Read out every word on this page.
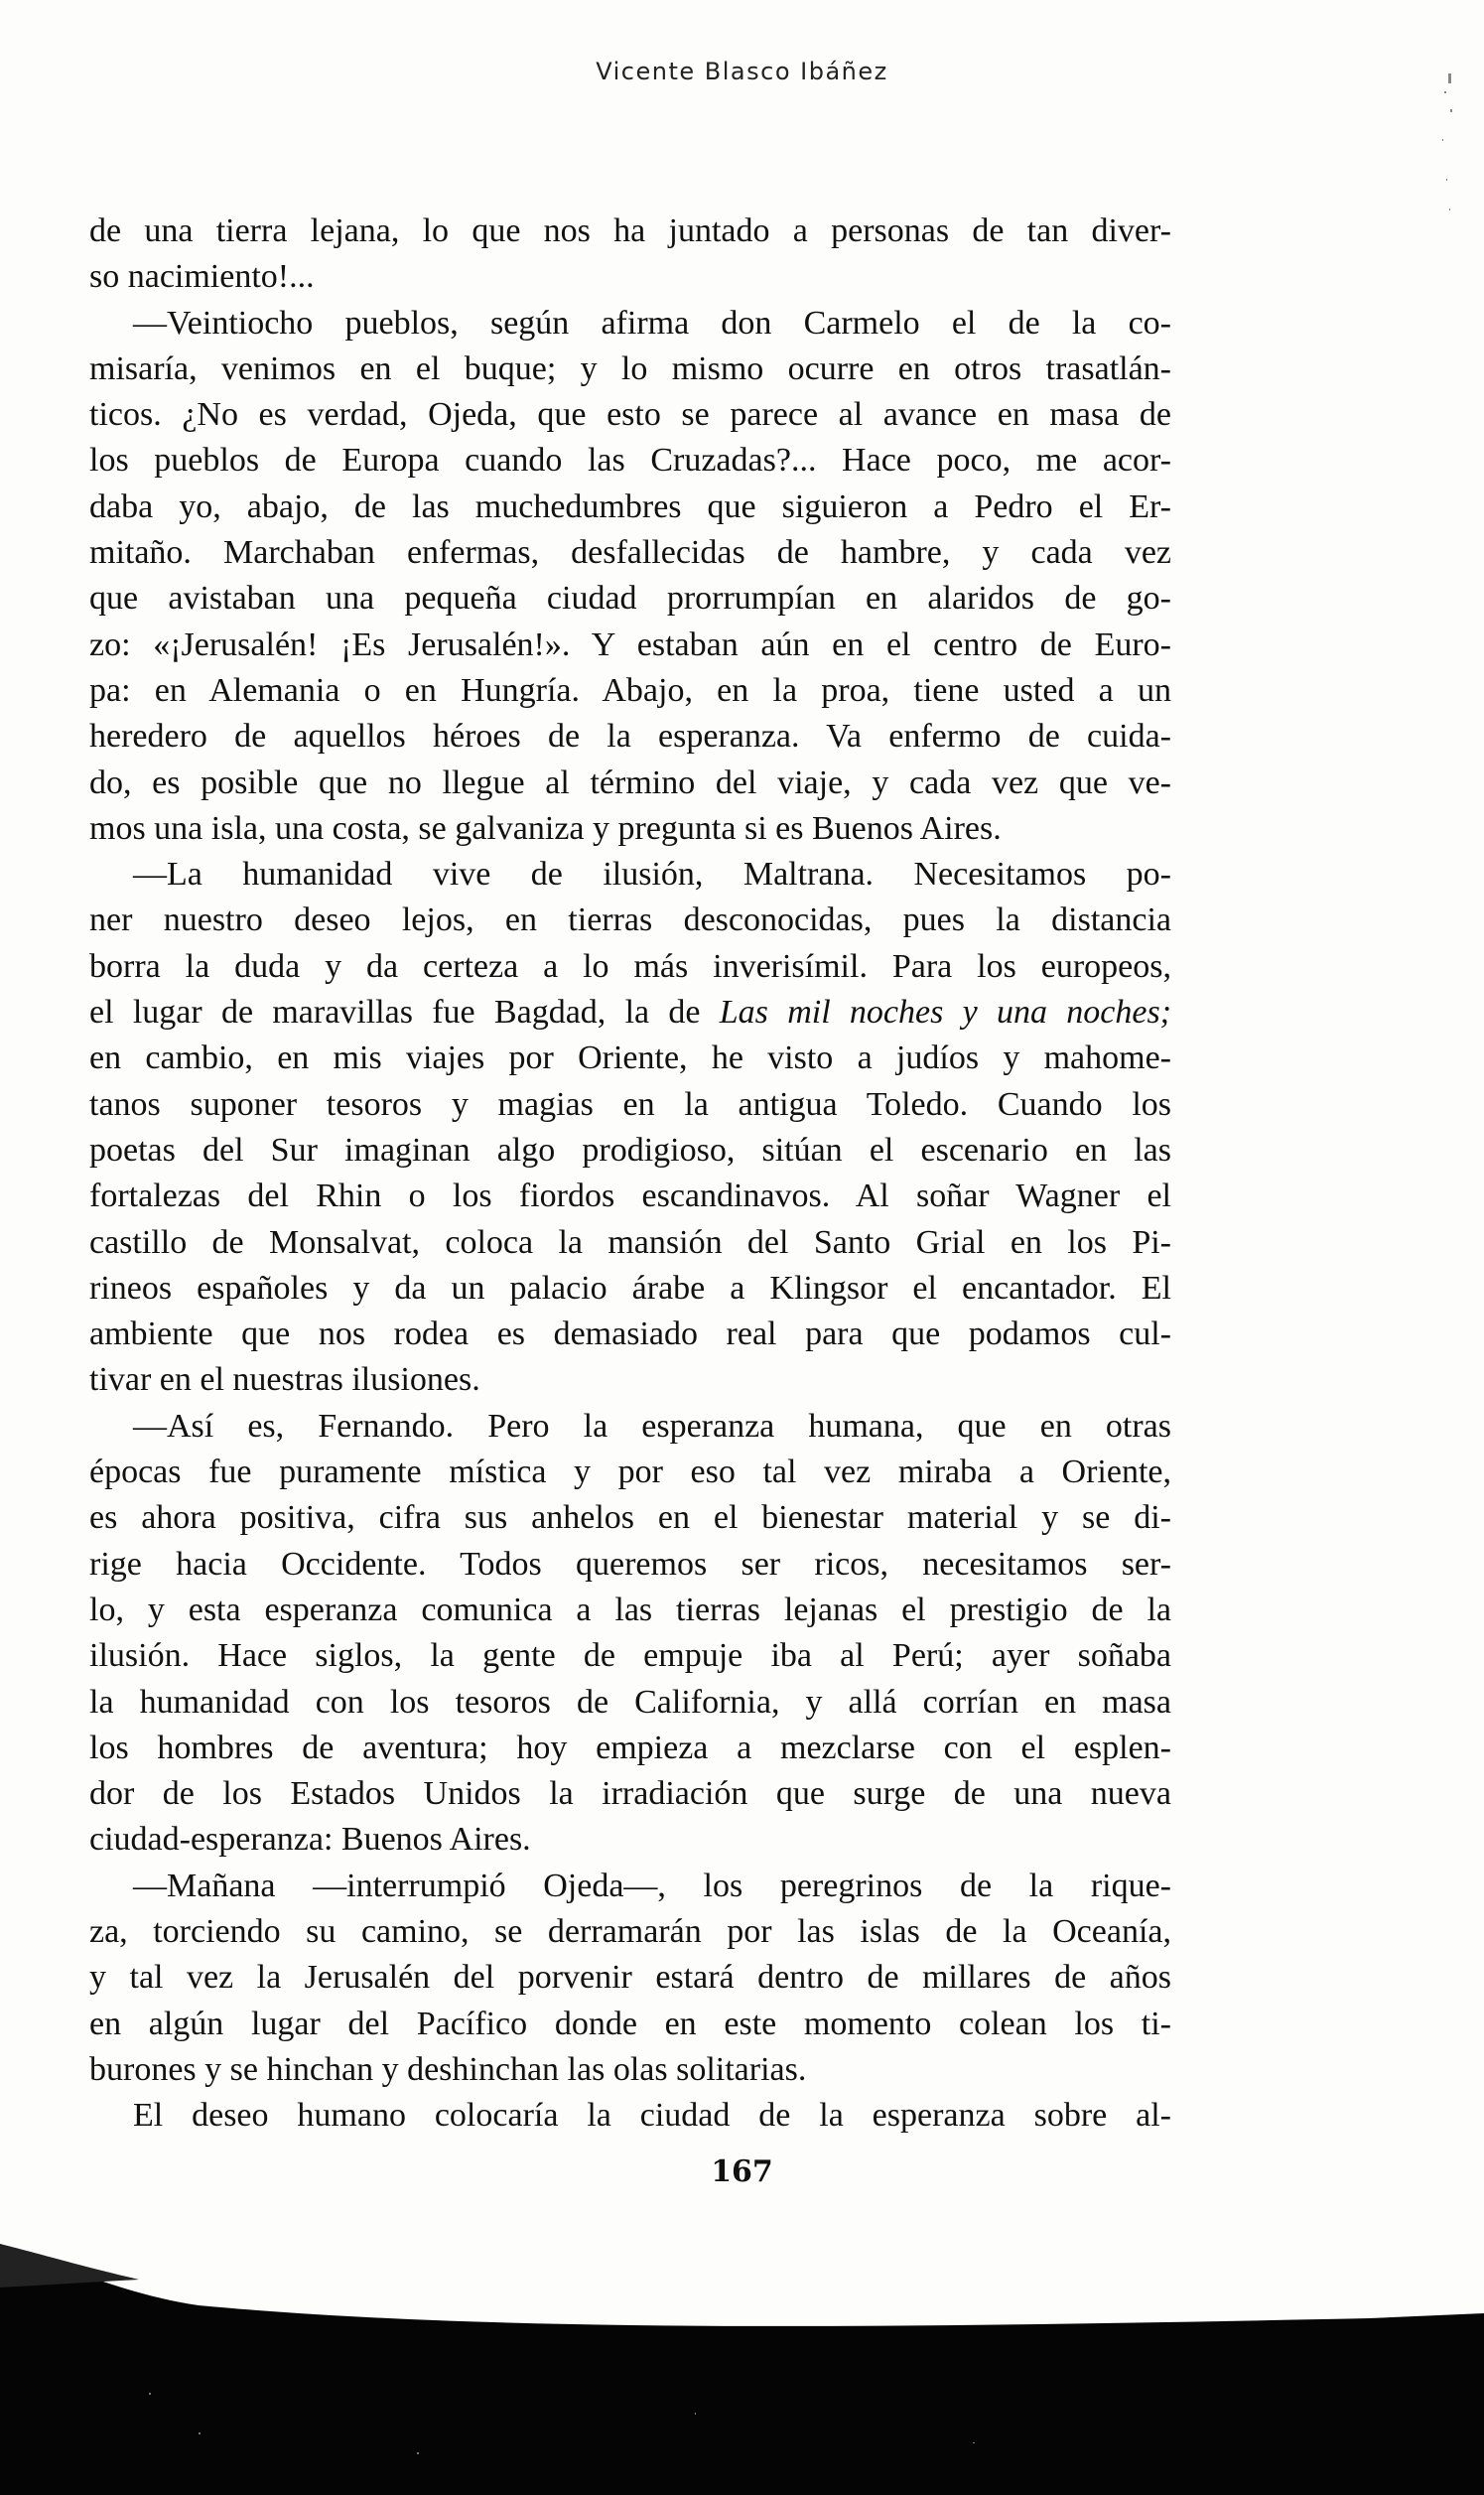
Vicente Blasco Ibáñez
de una tierra lejana, lo que nos ha juntado a personas de tan diver-
so nacimiento!...
—Veintiocho pueblos, según afirma don Carmelo el de la co-
misaría, venimos en el buque; y lo mismo ocurre en otros trasatlán-
ticos. ¿No es verdad, Ojeda, que esto se parece al avance en masa de
los pueblos de Europa cuando las Cruzadas?... Hace poco, me acor-
daba yo, abajo, de las muchedumbres que siguieron a Pedro el Er-
mitaño. Marchaban enfermas, desfallecidas de hambre, y cada vez
que avistaban una pequeña ciudad prorrumpían en alaridos de go-
zo: «¡Jerusalén! ¡Es Jerusalén!». Y estaban aún en el centro de Euro-
pa: en Alemania o en Hungría. Abajo, en la proa, tiene usted a un
heredero de aquellos héroes de la esperanza. Va enfermo de cuida-
do, es posible que no llegue al término del viaje, y cada vez que ve-
mos una isla, una costa, se galvaniza y pregunta si es Buenos Aires.
—La humanidad vive de ilusión, Maltrana. Necesitamos po-
ner nuestro deseo lejos, en tierras desconocidas, pues la distancia
borra la duda y da certeza a lo más inverisímil. Para los europeos,
el lugar de maravillas fue Bagdad, la de Las mil noches y una noches;
en cambio, en mis viajes por Oriente, he visto a judíos y mahome-
tanos suponer tesoros y magias en la antigua Toledo. Cuando los
poetas del Sur imaginan algo prodigioso, sitúan el escenario en las
fortalezas del Rhin o los fiordos escandinavos. Al soñar Wagner el
castillo de Monsalvat, coloca la mansión del Santo Grial en los Pi-
rineos españoles y da un palacio árabe a Klingsor el encantador. El
ambiente que nos rodea es demasiado real para que podamos cul-
tivar en el nuestras ilusiones.
—Así es, Fernando. Pero la esperanza humana, que en otras
épocas fue puramente mística y por eso tal vez miraba a Oriente,
es ahora positiva, cifra sus anhelos en el bienestar material y se di-
rige hacia Occidente. Todos queremos ser ricos, necesitamos ser-
lo, y esta esperanza comunica a las tierras lejanas el prestigio de la
ilusión. Hace siglos, la gente de empuje iba al Perú; ayer soñaba
la humanidad con los tesoros de California, y allá corrían en masa
los hombres de aventura; hoy empieza a mezclarse con el esplen-
dor de los Estados Unidos la irradiación que surge de una nueva
ciudad-esperanza: Buenos Aires.
—Mañana —interrumpió Ojeda—, los peregrinos de la rique-
za, torciendo su camino, se derramarán por las islas de la Oceanía,
y tal vez la Jerusalén del porvenir estará dentro de millares de años
en algún lugar del Pacífico donde en este momento colean los ti-
burones y se hinchan y deshinchan las olas solitarias.
El deseo humano colocaría la ciudad de la esperanza sobre al-
167
